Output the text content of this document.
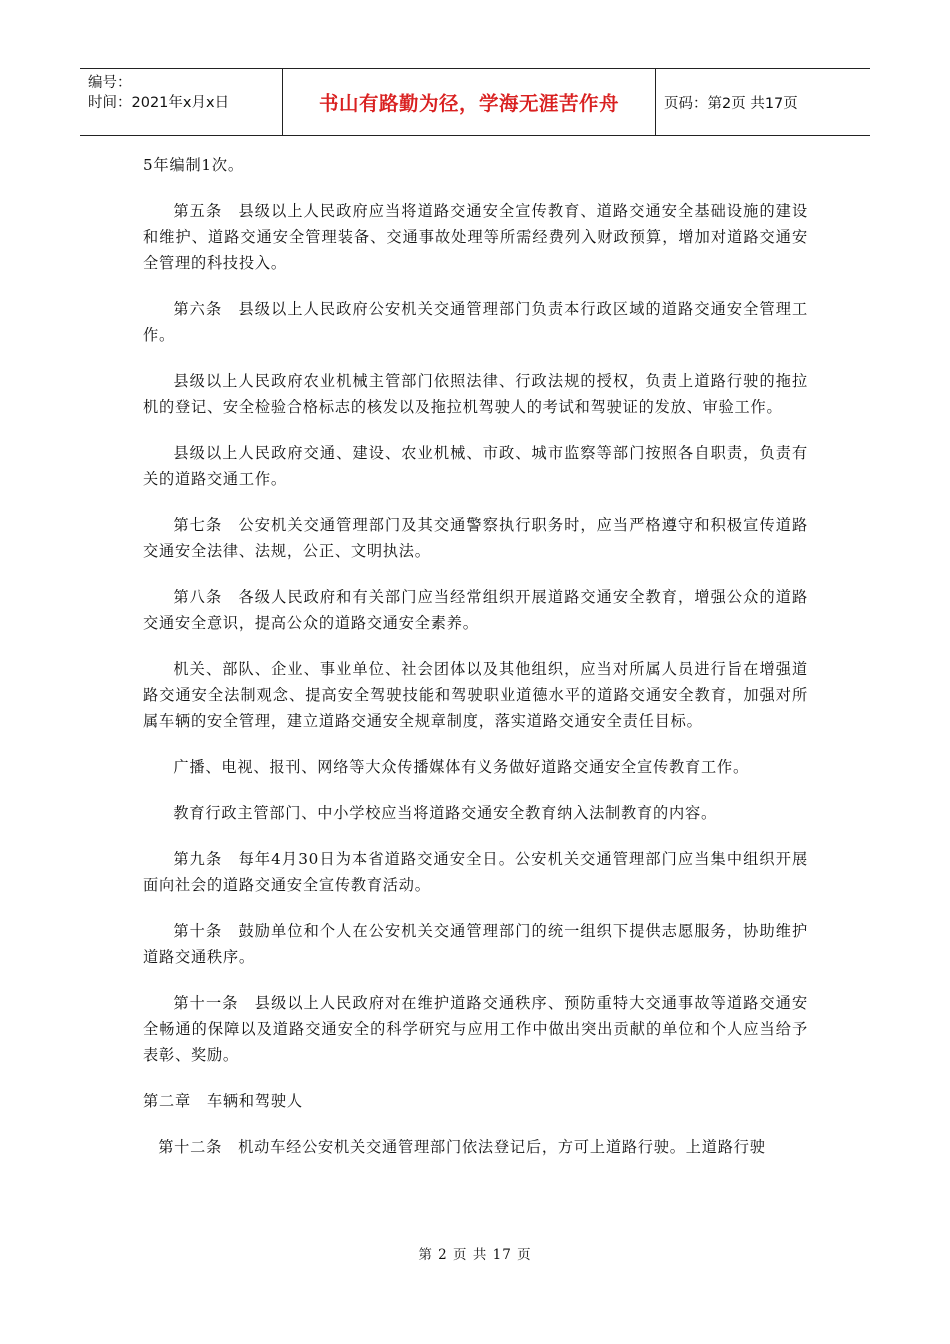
编号：
时间：2021年x月x日	书山有路勤为径，学海无涯苦作舟	页码：第2页 共17页

5年编制1次。

第五条　县级以上人民政府应当将道路交通安全宣传教育、道路交通安全基础设施的建设和维护、道路交通安全管理装备、交通事故处理等所需经费列入财政预算，增加对道路交通安全管理的科技投入。

第六条　县级以上人民政府公安机关交通管理部门负责本行政区域的道路交通安全管理工作。

县级以上人民政府农业机械主管部门依照法律、行政法规的授权，负责上道路行驶的拖拉机的登记、安全检验合格标志的核发以及拖拉机驾驶人的考试和驾驶证的发放、审验工作。

县级以上人民政府交通、建设、农业机械、市政、城市监察等部门按照各自职责，负责有关的道路交通工作。

第七条　公安机关交通管理部门及其交通警察执行职务时，应当严格遵守和积极宣传道路交通安全法律、法规，公正、文明执法。

第八条　各级人民政府和有关部门应当经常组织开展道路交通安全教育，增强公众的道路交通安全意识，提高公众的道路交通安全素养。

机关、部队、企业、事业单位、社会团体以及其他组织，应当对所属人员进行旨在增强道路交通安全法制观念、提高安全驾驶技能和驾驶职业道德水平的道路交通安全教育，加强对所属车辆的安全管理，建立道路交通安全规章制度，落实道路交通安全责任目标。

广播、电视、报刊、网络等大众传播媒体有义务做好道路交通安全宣传教育工作。

教育行政主管部门、中小学校应当将道路交通安全教育纳入法制教育的内容。

第九条　每年4月30日为本省道路交通安全日。公安机关交通管理部门应当集中组织开展面向社会的道路交通安全宣传教育活动。

第十条　鼓励单位和个人在公安机关交通管理部门的统一组织下提供志愿服务，协助维护道路交通秩序。

第十一条　县级以上人民政府对在维护道路交通秩序、预防重特大交通事故等道路交通安全畅通的保障以及道路交通安全的科学研究与应用工作中做出突出贡献的单位和个人应当给予表彰、奖励。

第二章　车辆和驾驶人

第十二条　机动车经公安机关交通管理部门依法登记后，方可上道路行驶。上道路行驶

第 2 页 共 17 页
